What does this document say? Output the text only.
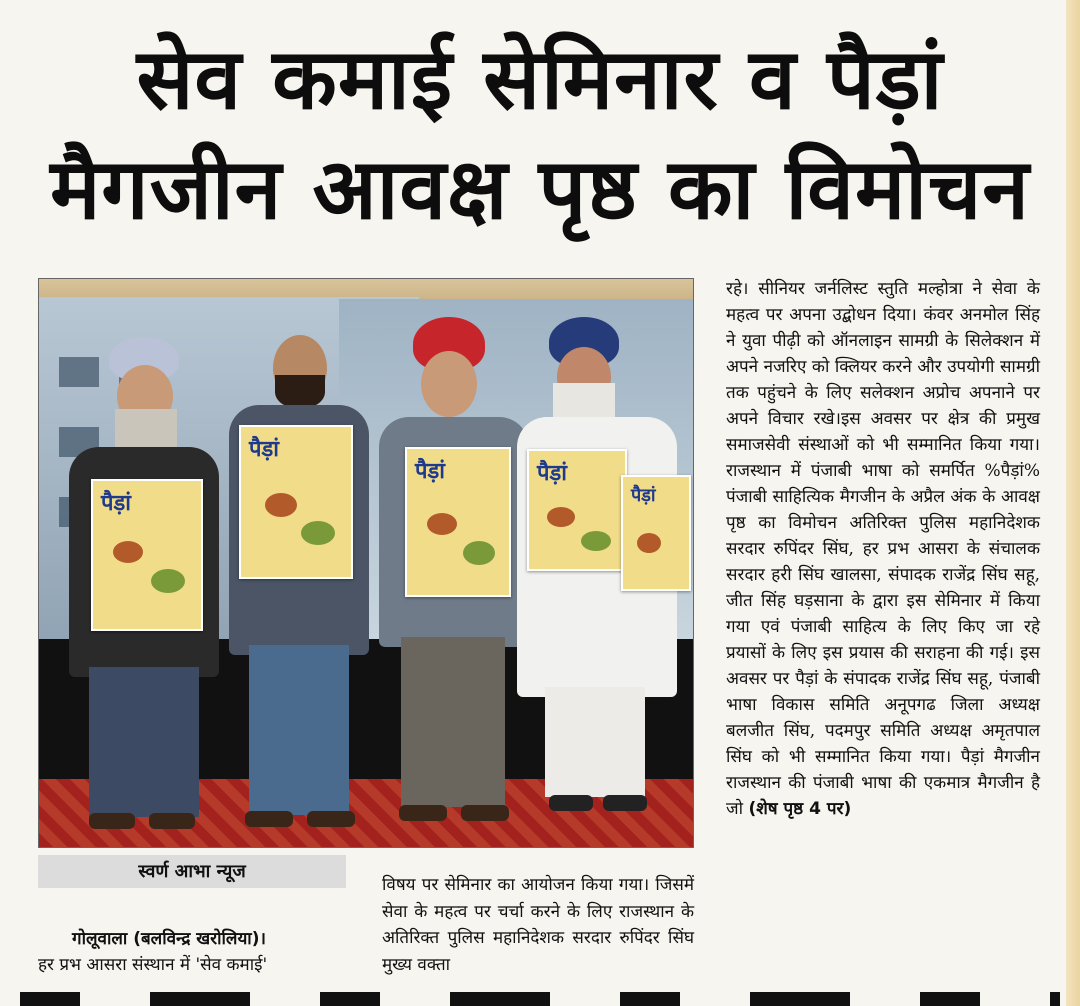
सेव कमाई सेमिनार व पैड़ां
मैगजीन आवक्ष पृष्ठ का विमोचन
पैड़ां
पैड़ां
पैड़ां	पैड़ां
पैड़ां
रहे। सीनियर जर्नलिस्ट स्तुति मल्होत्रा ने सेवा के महत्व पर अपना उद्बोधन दिया। कंवर अनमोल सिंह ने युवा पीढ़ी को ऑनलाइन सामग्री के सिलेक्शन में अपने नजरिए को क्लियर करने और उपयोगी सामग्री तक पहुंचने के लिए सलेक्शन अप्रोच अपनाने पर अपने विचार रखे।इस अवसर पर क्षेत्र की प्रमुख समाजसेवी संस्थाओं को भी सम्मानित किया गया। राजस्थान में पंजाबी भाषा को समर्पित %पैड़ां% पंजाबी साहित्यिक मैगजीन के अप्रैल अंक के आवक्ष पृष्ठ का विमोचन अतिरिक्त पुलिस महानिदेशक सरदार रुपिंदर सिंघ, हर प्रभ आसरा के संचालक सरदार हरी सिंघ खालसा, संपादक राजेंद्र सिंघ सहू, जीत सिंह घड़साना के द्वारा इस सेमिनार में किया गया एवं पंजाबी साहित्य के लिए किए जा रहे प्रयासों के लिए इस प्रयास की सराहना की गई। इस अवसर पर पैड़ां के संपादक राजेंद्र सिंघ सहू, पंजाबी भाषा विकास समिति अनूपगढ जिला अध्यक्ष बलजीत सिंघ, पदमपुर समिति अध्यक्ष अमृतपाल सिंघ को भी सम्मानित किया गया। पैड़ां मैगजीन राजस्थान की पंजाबी भाषा की एकमात्र मैगजीन है जो (शेष पृष्ठ 4 पर)
स्वर्ण आभा न्यूज
विषय पर सेमिनार का आयोजन किया गया। जिसमें सेवा के महत्व पर चर्चा करने के लिए राजस्थान के अतिरिक्त पुलिस महानिदेशक सरदार रुपिंदर सिंघ मुख्य वक्ता
गोलूवाला (बलविन्द्र खरोलिया)।
हर प्रभ आसरा संस्थान में 'सेव कमाई'
